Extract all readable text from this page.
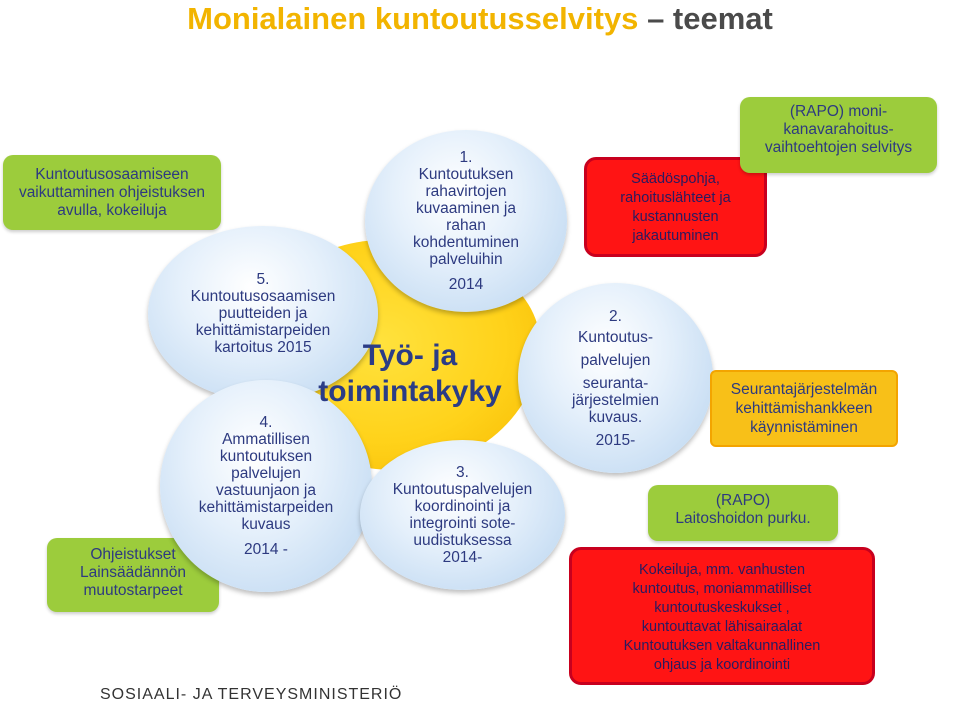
Monialainen kuntoutusselvitys – teemat
Kuntoutusosaamiseen
vaikuttaminen ohjeistuksen
avulla, kokeiluja
Ohjeistukset
Lainsäädännön
muutostarpeet
5.
Kuntoutusosaamisen
puutteiden ja
kehittämistarpeiden
kartoitus 2015
4.
Ammatillisen
kuntoutuksen
palvelujen
vastuunjaon ja
kehittämistarpeiden
kuvaus
2014 -
1.
Kuntoutuksen
rahavirtojen
kuvaaminen ja
rahan
kohdentuminen
palveluihin
2014
Työ- ja toimintakyky
3.
Kuntoutuspalvelujen
koordinointi ja
integrointi sote-
uudistuksessa
2014-
Säädöspohja,
rahoituslähteet ja
kustannusten
jakautuminen
2.
Kuntoutus-
palvelujen
seuranta-
järjestelmien
kuvaus.
2015-
(RAPO) moni-
kanavarahoitus-
vaihtoehtojen selvitys
Seurantajärjestelmän
kehittämishankkeen
käynnistäminen
(RAPO)
Laitoshoidon purku.
Kokeiluja, mm. vanhusten
kuntoutus, moniammatilliset
kuntoutuskeskukset ,
kuntouttavat lähisairaalat
Kuntoutuksen valtakunnallinen
ohjaus ja koordinointi
SOSIAALI- JA TERVEYSMINISTERIÖ
